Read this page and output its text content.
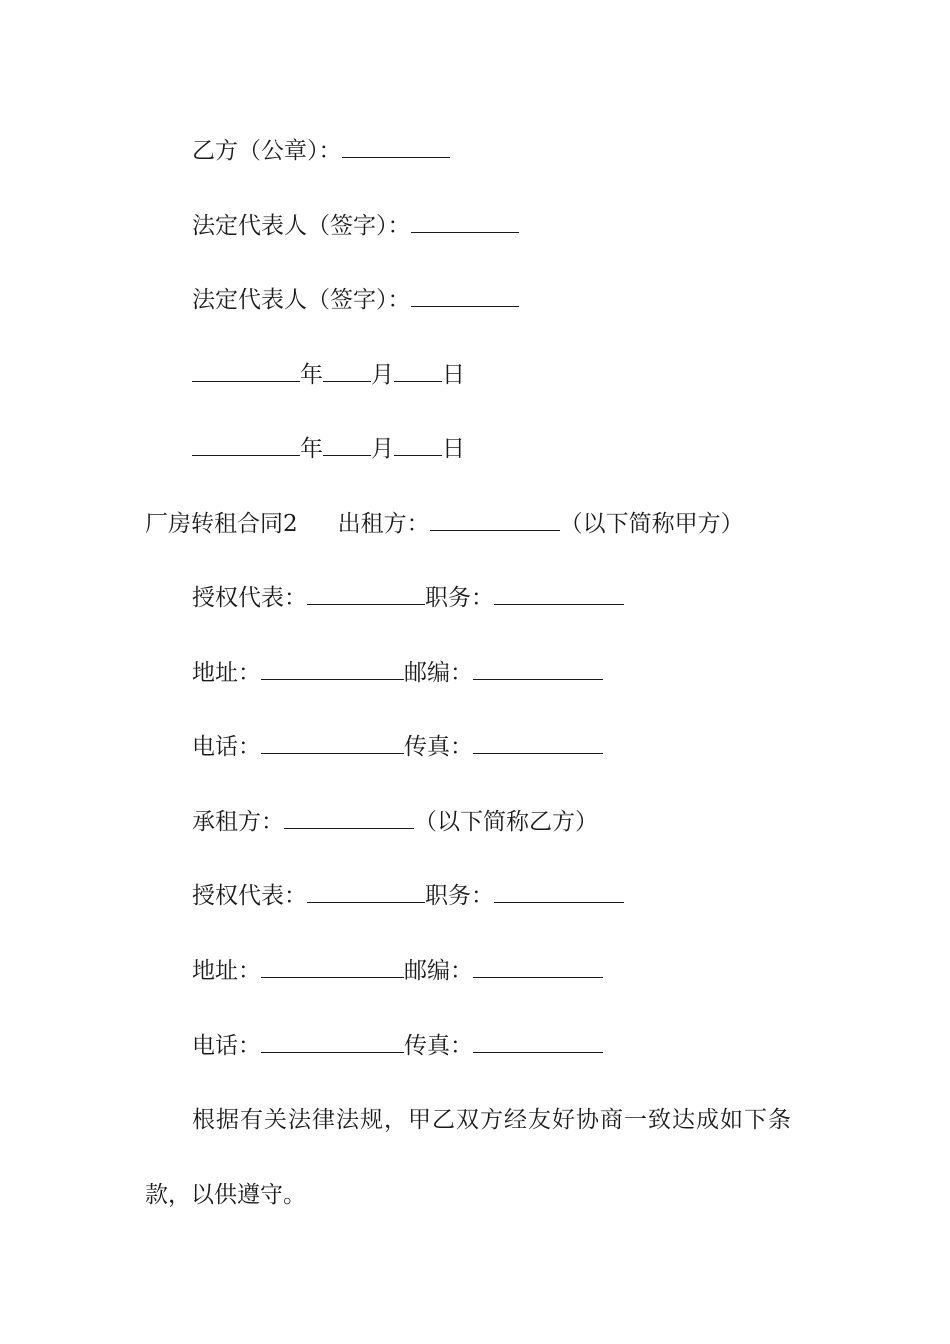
乙方（公章）：
法定代表人（签字）：
法定代表人（签字）：
年 月 日
年 月 日
厂房转租合同2 出租方：	（以下简称甲方）
授权代表：	职务：
地址：	邮编：
电话：	传真：
承租方：	（以下简称乙方）
授权代表：	职务：
地址：	邮编：
电话：	传真：
根据有关法律法规，甲乙双方经友好协商一致达成如下条
款，以供遵守。
